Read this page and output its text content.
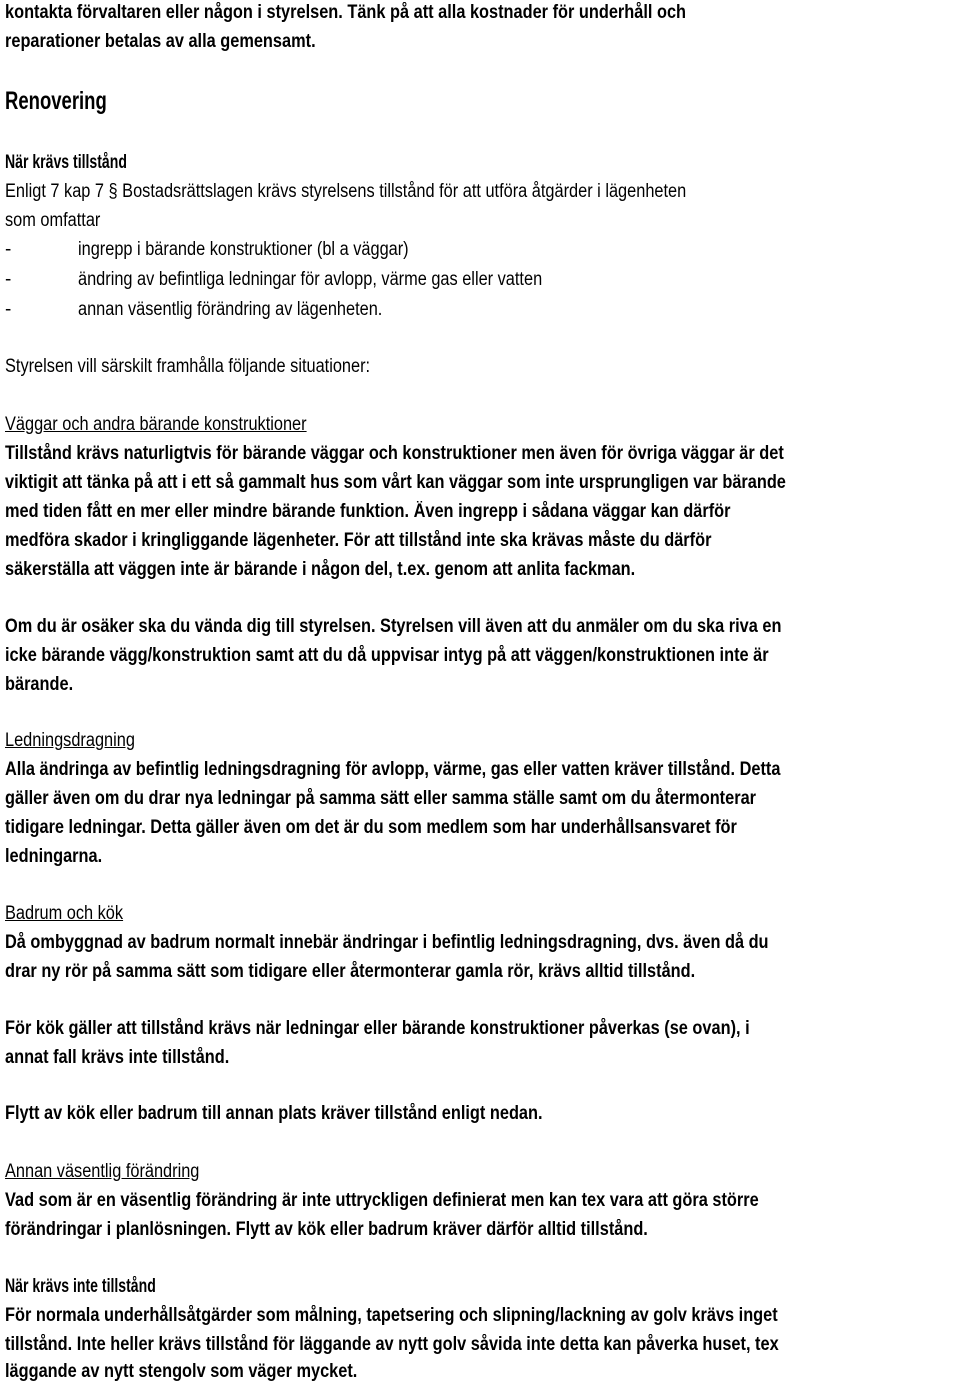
kontakta förvaltaren eller någon i styrelsen. Tänk på att alla kostnader för underhåll och

reparationer betalas av alla gemensamt.

Renovering

När krävs tillstånd

Enligt 7 kap 7 § Bostadsrättslagen krävs styrelsens tillstånd för att utföra åtgärder i lägenheten

som omfattar

-	ingrepp i bärande konstruktioner (bl a väggar)

-	ändring av befintliga ledningar för avlopp, värme gas eller vatten

-	annan väsentlig förändring av lägenheten.

Styrelsen vill särskilt framhålla följande situationer:

Väggar och andra bärande konstruktioner

Tillstånd krävs naturligtvis för bärande väggar och konstruktioner men även för övriga väggar är det

viktigit att tänka på att i ett så gammalt hus som vårt kan väggar som inte ursprungligen var bärande

med tiden fått en mer eller mindre bärande funktion. Även ingrepp i sådana väggar kan därför

medföra skador i kringliggande lägenheter. För att tillstånd inte ska krävas måste du därför

säkerställa att väggen inte är bärande i någon del, t.ex. genom att anlita fackman.

Om du är osäker ska du vända dig till styrelsen. Styrelsen vill även att du anmäler om du ska riva en

icke bärande vägg/konstruktion samt att du då uppvisar intyg på att väggen/konstruktionen inte är

bärande.

Ledningsdragning

Alla ändringa av befintlig ledningsdragning för avlopp, värme, gas eller vatten kräver tillstånd. Detta

gäller även om du drar nya ledningar på samma sätt eller samma ställe samt om du återmonterar

tidigare ledningar. Detta gäller även om det är du som medlem som har underhållsansvaret för

ledningarna.

Badrum och kök

Då ombyggnad av badrum normalt innebär ändringar i befintlig ledningsdragning, dvs. även då du

drar ny rör på samma sätt som tidigare eller återmonterar gamla rör, krävs alltid tillstånd.

För kök gäller att tillstånd krävs när ledningar eller bärande konstruktioner påverkas (se ovan), i

annat fall krävs inte tillstånd.

Flytt av kök eller badrum till annan plats kräver tillstånd enligt nedan.

Annan väsentlig förändring

Vad som är en väsentlig förändring är inte uttryckligen definierat men kan tex vara att göra större

förändringar i planlösningen. Flytt av kök eller badrum kräver därför alltid tillstånd.

När krävs inte tillstånd

För normala underhållsåtgärder som målning, tapetsering och slipning/lackning av golv krävs inget

tillstånd. Inte heller krävs tillstånd för läggande av nytt golv såvida inte detta kan påverka huset, tex

läggande av nytt stengolv som väger mycket.
